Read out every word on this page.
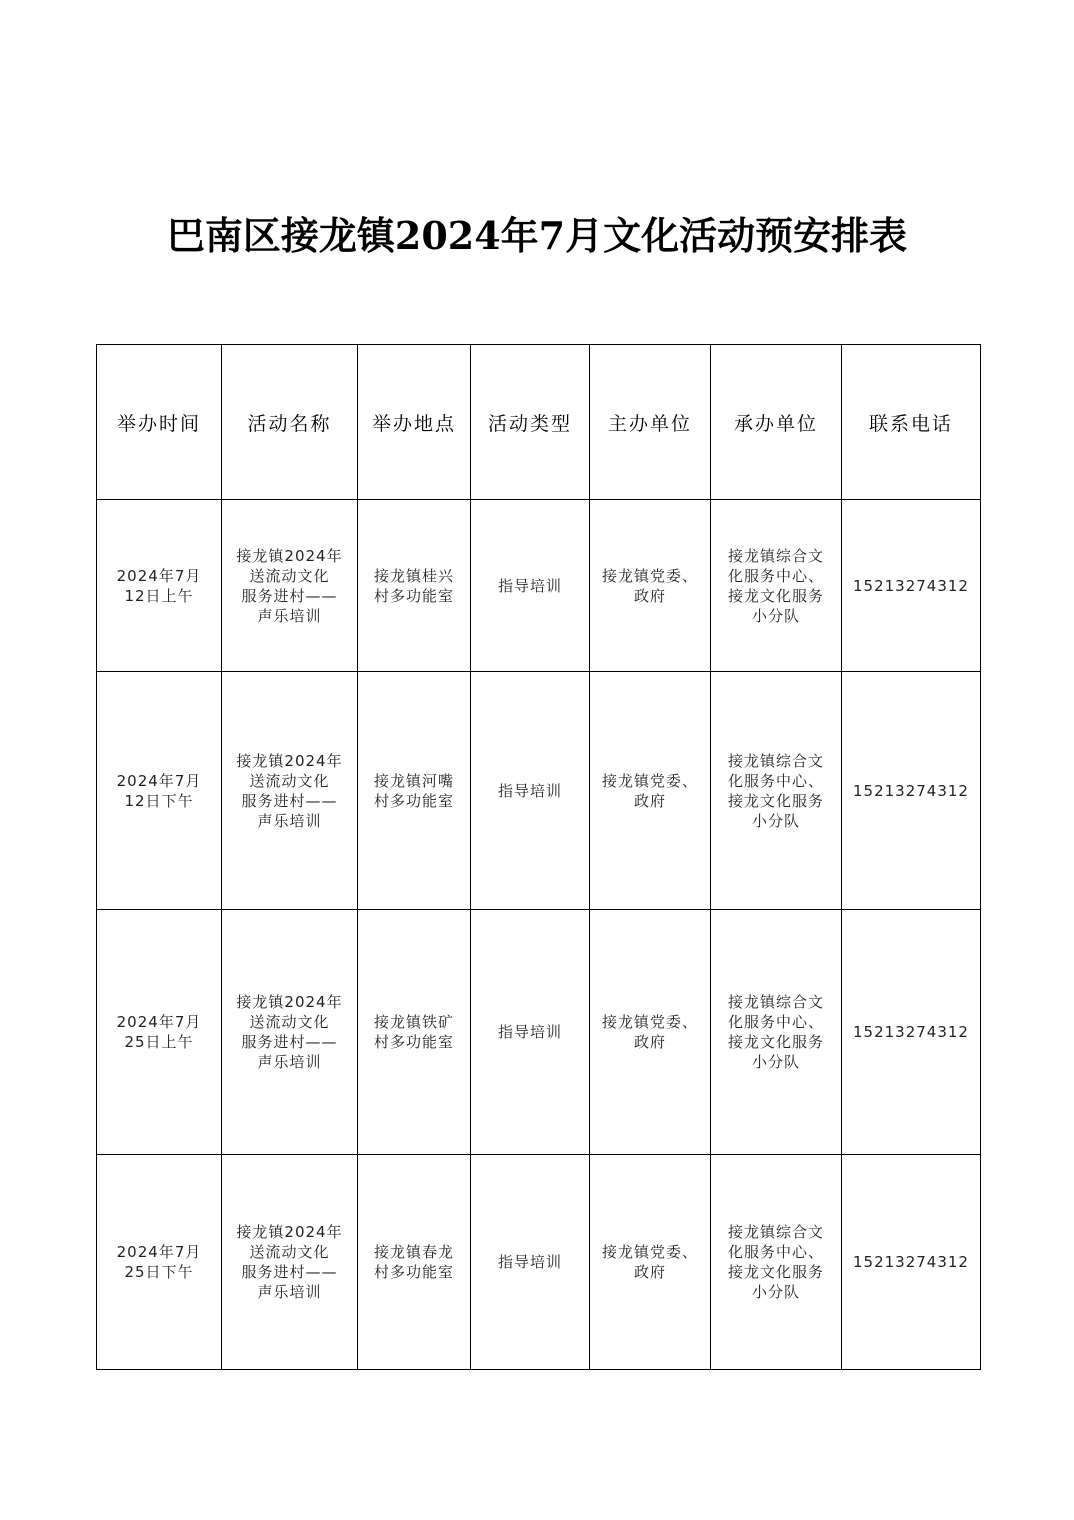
巴南区接龙镇2024年7月文化活动预安排表
举办时间	活动名称	举办地点	活动类型	主办单位	承办单位	联系电话

2024年7月
12日上午	接龙镇2024年
送流动文化
服务进村——
声乐培训	接龙镇桂兴
村多功能室	指导培训	接龙镇党委、
政府	接龙镇综合文
化服务中心、
接龙文化服务
小分队	15213274312

2024年7月
12日下午	接龙镇2024年
送流动文化
服务进村——
声乐培训	接龙镇河嘴
村多功能室	指导培训	接龙镇党委、
政府	接龙镇综合文
化服务中心、
接龙文化服务
小分队	15213274312

2024年7月
25日上午	接龙镇2024年
送流动文化
服务进村——
声乐培训	接龙镇铁矿
村多功能室	指导培训	接龙镇党委、
政府	接龙镇综合文
化服务中心、
接龙文化服务
小分队	15213274312

2024年7月
25日下午	接龙镇2024年
送流动文化
服务进村——
声乐培训	接龙镇春龙
村多功能室	指导培训	接龙镇党委、
政府	接龙镇综合文
化服务中心、
接龙文化服务
小分队	15213274312
